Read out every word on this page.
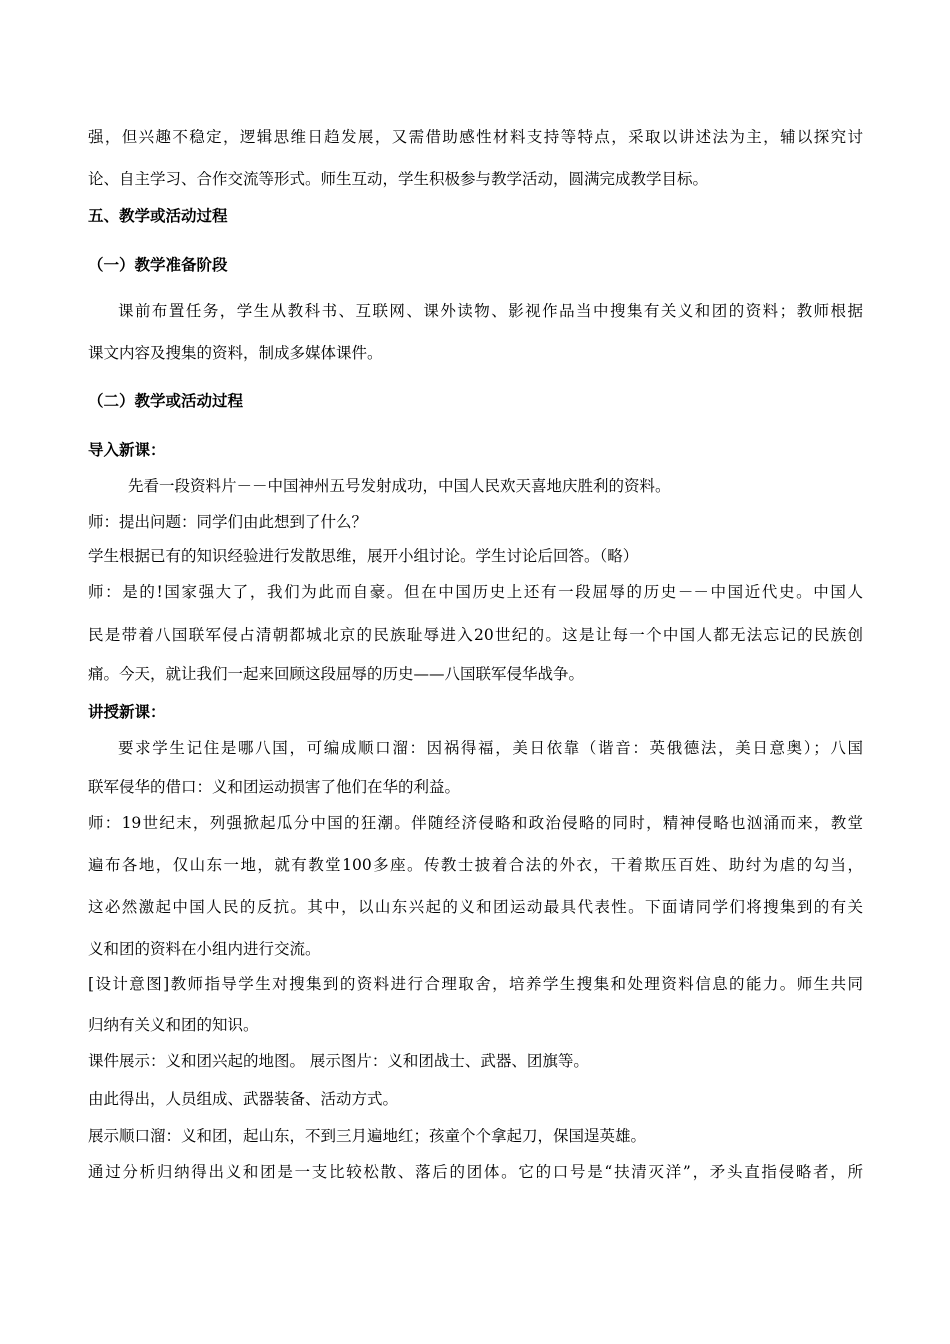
强，但兴趣不稳定，逻辑思维日趋发展，又需借助感性材料支持等特点，采取以讲述法为主，辅以探究讨
论、自主学习、合作交流等形式。师生互动，学生积极参与教学活动，圆满完成教学目标。
五、教学或活动过程
（一）教学准备阶段
课前布置任务，学生从教科书、互联网、课外读物、影视作品当中搜集有关义和团的资料；教师根据
课文内容及搜集的资料，制成多媒体课件。
（二）教学或活动过程
导入新课：
先看一段资料片－－中国神州五号发射成功，中国人民欢天喜地庆胜利的资料。
师：提出问题：同学们由此想到了什么？
学生根据已有的知识经验进行发散思维，展开小组讨论。学生讨论后回答。（略）
师：是的!国家强大了，我们为此而自豪。但在中国历史上还有一段屈辱的历史－－中国近代史。中国人
民是带着八国联军侵占清朝都城北京的民族耻辱进入20世纪的。这是让每一个中国人都无法忘记的民族创
痛。今天，就让我们一起来回顾这段屈辱的历史——八国联军侵华战争。
讲授新课：
要求学生记住是哪八国，可编成顺口溜：因祸得福，美日依靠（谐音：英俄德法，美日意奥）；八国
联军侵华的借口：义和团运动损害了他们在华的利益。
师：19世纪末，列强掀起瓜分中国的狂潮。伴随经济侵略和政治侵略的同时，精神侵略也汹涌而来，教堂
遍布各地，仅山东一地，就有教堂100多座。传教士披着合法的外衣，干着欺压百姓、助纣为虐的勾当，
这必然激起中国人民的反抗。其中，以山东兴起的义和团运动最具代表性。下面请同学们将搜集到的有关
义和团的资料在小组内进行交流。
[设计意图]教师指导学生对搜集到的资料进行合理取舍，培养学生搜集和处理资料信息的能力。师生共同
归纳有关义和团的知识。
课件展示：义和团兴起的地图。 展示图片：义和团战士、武器、团旗等。
由此得出，人员组成、武器装备、活动方式。
展示顺口溜：义和团，起山东，不到三月遍地红；孩童个个拿起刀，保国逞英雄。
通过分析归纳得出义和团是一支比较松散、落后的团体。它的口号是“扶清灭洋”，矛头直指侵略者，所
